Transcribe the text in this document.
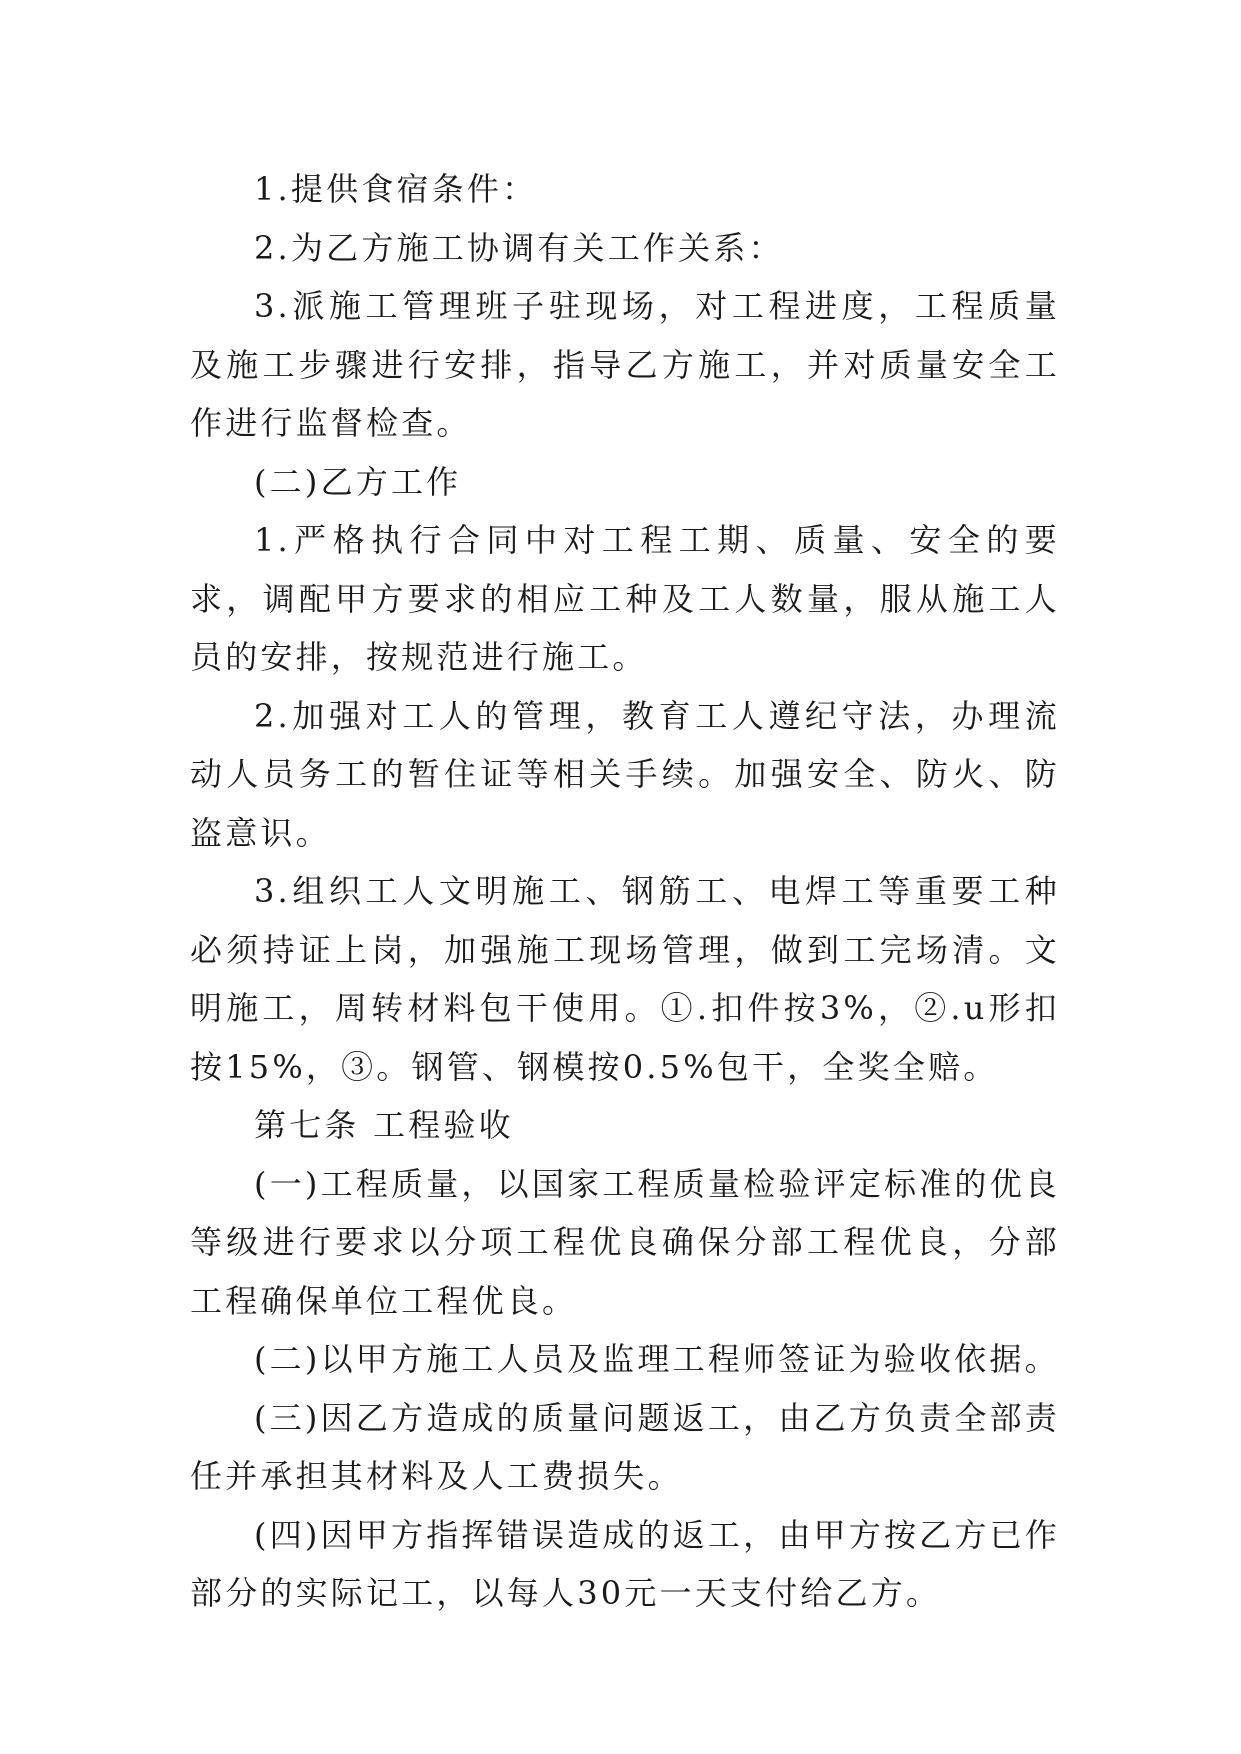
1.提供食宿条件：

2.为乙方施工协调有关工作关系：

3.派施工管理班子驻现场，对工程进度，工程质量及施工步骤进行安排，指导乙方施工，并对质量安全工作进行监督检查。

(二)乙方工作

1.严格执行合同中对工程工期、质量、安全的要求，调配甲方要求的相应工种及工人数量，服从施工人员的安排，按规范进行施工。

2.加强对工人的管理，教育工人遵纪守法，办理流动人员务工的暂住证等相关手续。加强安全、防火、防盗意识。

3.组织工人文明施工、钢筋工、电焊工等重要工种必须持证上岗，加强施工现场管理，做到工完场清。文明施工，周转材料包干使用。①.扣件按3%，②.u形扣按15%，③。钢管、钢模按0.5%包干，全奖全赔。

第七条 工程验收

(一)工程质量，以国家工程质量检验评定标准的优良等级进行要求以分项工程优良确保分部工程优良，分部工程确保单位工程优良。

(二)以甲方施工人员及监理工程师签证为验收依据。

(三)因乙方造成的质量问题返工，由乙方负责全部责任并承担其材料及人工费损失。

(四)因甲方指挥错误造成的返工，由甲方按乙方已作部分的实际记工，以每人30元一天支付给乙方。
